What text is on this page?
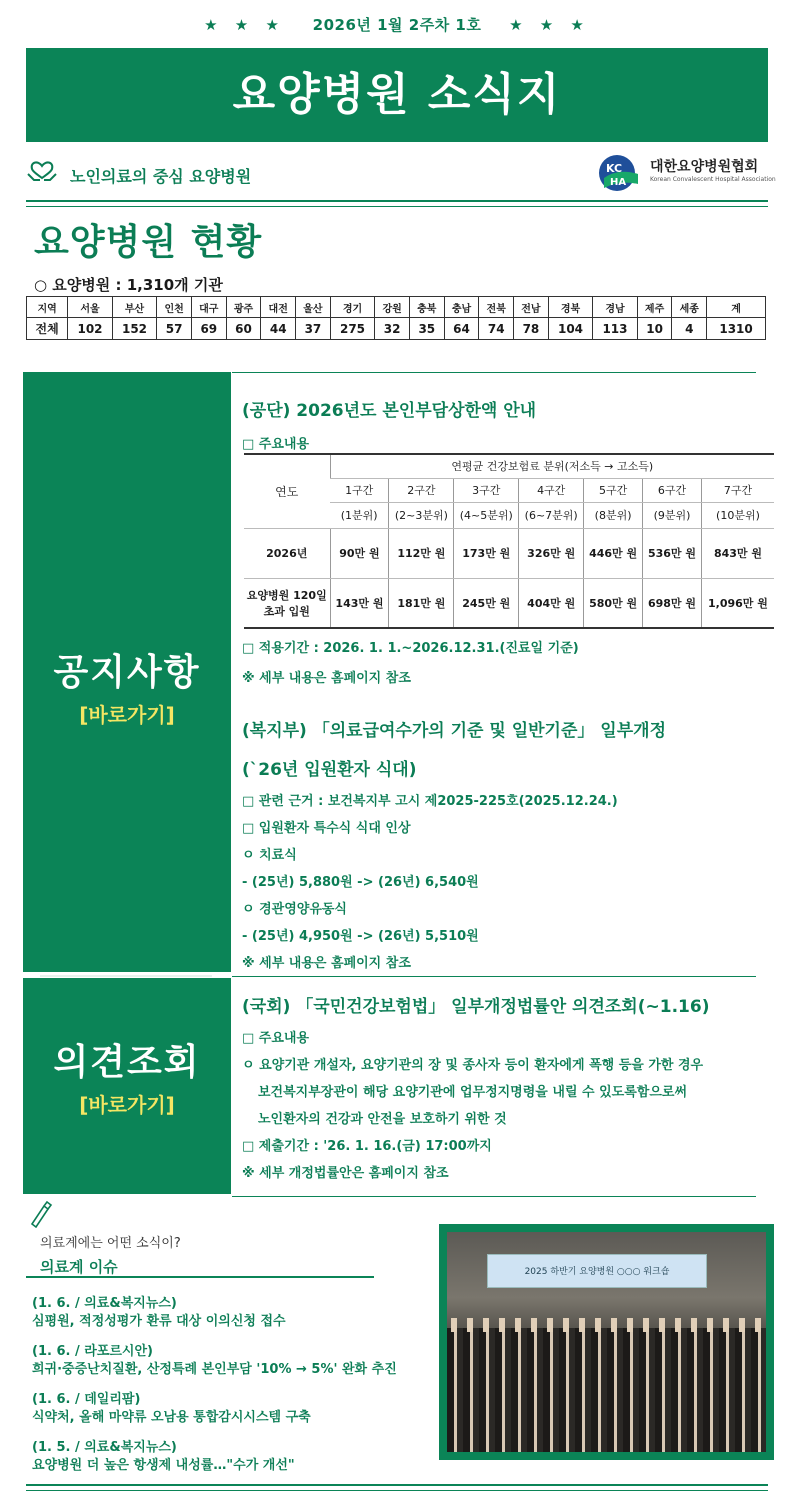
★ ★ ★ 2026년 1월 2주차 1호 ★ ★ ★
요양병원 소식지
노인의료의 중심 요양병원	KC
HA
대한요양병원협회
Korean Convalescent Hospital Association
요양병원 현황
○ 요양병원 : 1,310개 기관
지역	서울	부산	인천	대구	광주	대전	울산	경기	강원	충북	충남	전북	전남	경북	경남	제주	세종	계
전체	102	152	57	69	60	44	37	275	32	35	64	74	78	104	113	10	4	1310
공지사항
[바로가기]
의견조회
[바로가기]
(공단) 2026년도 본인부담상한액 안내
□ 주요내용
연도	연평균 건강보험료 분위(저소득 → 고소득)						
	1구간	2구간	3구간	4구간	5구간	6구간	7구간
	(1분위)	(2~3분위)	(4~5분위)	(6~7분위)	(8분위)	(9분위)	(10분위)

2026년	90만 원	112만 원	173만 원	326만 원	446만 원	536만 원	843만 원

요양병원 120일
초과 입원	143만 원	181만 원	245만 원	404만 원	580만 원	698만 원	1,096만 원
□ 적용기간 : 2026. 1. 1.~2026.12.31.(진료일 기준)
※ 세부 내용은 홈페이지 참조
(복지부) 「의료급여수가의 기준 및 일반기준」 일부개정
(`26년 입원환자 식대)
□ 관련 근거 : 보건복지부 고시 제2025-225호(2025.12.24.)
□ 입원환자 특수식 식대 인상
ㅇ 치료식
- (25년) 5,880원 -> (26년) 6,540원
ㅇ 경관영양유동식
- (25년) 4,950원 -> (26년) 5,510원
※ 세부 내용은 홈페이지 참조
(국회) 「국민건강보험법」 일부개정법률안 의견조회(~1.16)
□ 주요내용
ㅇ 요양기관 개설자, 요양기관의 장 및 종사자 등이 환자에게 폭행 등을 가한 경우
보건복지부장관이 해당 요양기관에 업무정지명령을 내릴 수 있도록함으로써
노인환자의 건강과 안전을 보호하기 위한 것
□ 제출기간 : '26. 1. 16.(금) 17:00까지
※ 세부 개정법률안은 홈페이지 참조
의료계에는 어떤 소식이?
의료계 이슈
(1. 6. / 의료&복지뉴스)
심평원, 적정성평가 환류 대상 이의신청 접수
(1. 6. / 라포르시안)
희귀·중증난치질환, 산정특례 본인부담 '10% → 5%' 완화 추진
(1. 6. / 데일리팜)
식약처, 올해 마약류 오남용 통합감시시스템 구축
(1. 5. / 의료&복지뉴스)
요양병원 더 높은 항생제 내성률…"수가 개선"
2025 하반기 요양병원 ○○○ 워크숍
